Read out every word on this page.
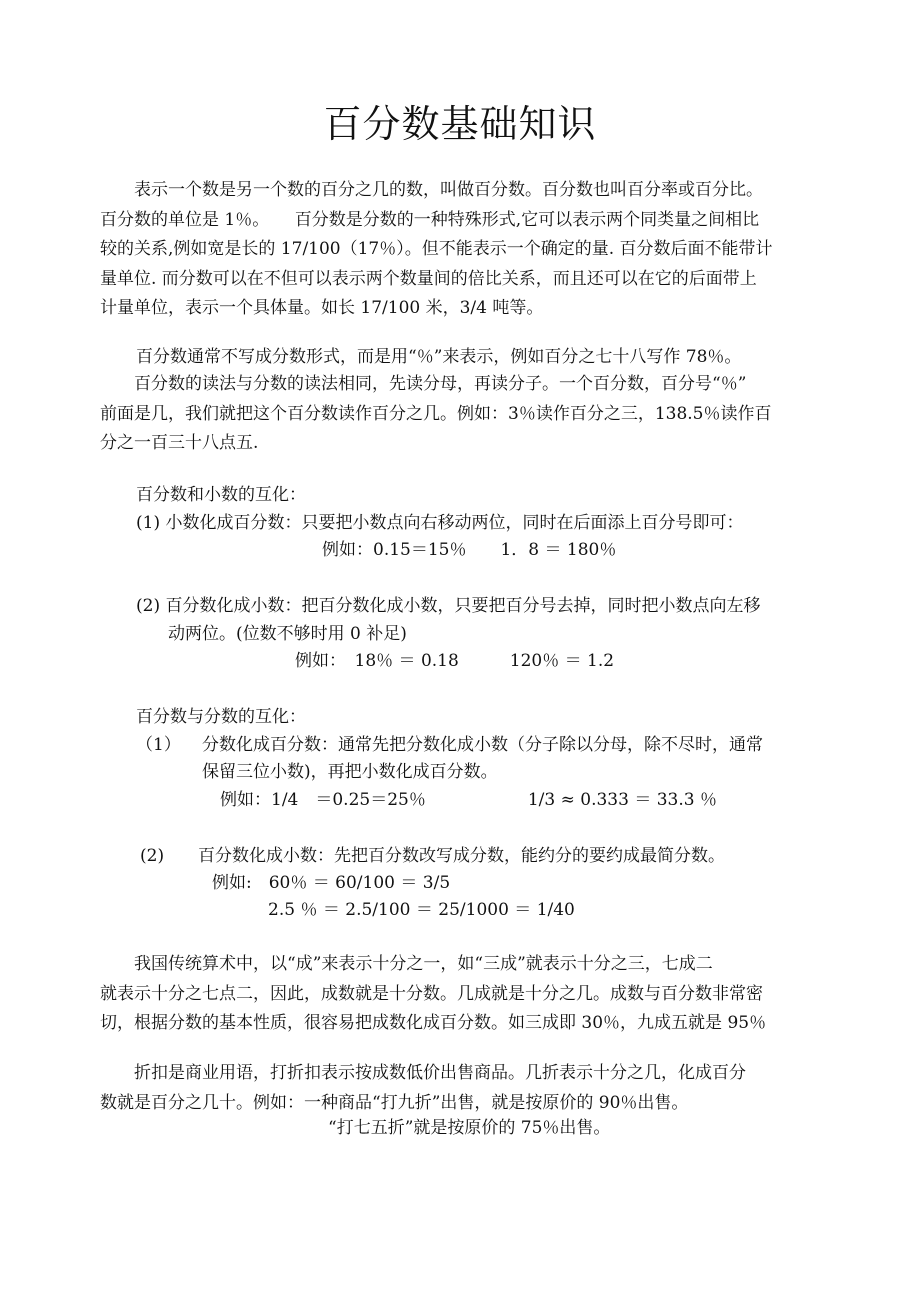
百分数基础知识
　　表示一个数是另一个数的百分之几的数，叫做百分数。百分数也叫百分率或百分比。
百分数的单位是 1％。　　百分数是分数的一种特殊形式,它可以表示两个同类量之间相比
较的关系,例如宽是长的 17/100（17％）。但不能表示一个确定的量. 百分数后面不能带计
量单位. 而分数可以在不但可以表示两个数量间的倍比关系，而且还可以在它的后面带上
计量单位，表示一个具体量。如长 17/100 米，3/4 吨等。

百分数通常不写成分数形式，而是用“％”来表示，例如百分之七十八写作 78％。

　　百分数的读法与分数的读法相同，先读分母，再读分子。一个百分数，百分号“％”
前面是几，我们就把这个百分数读作百分之几。例如：3％读作百分之三，138.5％读作百
分之一百三十八点五.

百分数和小数的互化：

(1) 小数化成百分数：只要把小数点向右移动两位，同时在后面添上百分号即可：

例如：0.15＝15％　　1．8 ＝ 180％

(2) 百分数化成小数：把百分数化成小数，只要把百分号去掉，同时把小数点向左移

动两位。(位数不够时用 0 补足)

例如：　18％ ＝ 0.18　　　120％ ＝ 1.2

百分数与分数的互化：

（1） 分数化成百分数：通常先把分数化成小数（分子除以分母，除不尽时，通常

保留三位小数)，再把小数化成百分数。

例如：1/4　＝0.25＝25％　　　　　　1/3 ≈ 0.333 ＝ 33.3 ％

(2) 百分数化成小数：先把百分数改写成分数，能约分的要约成最简分数。

例如:　60％ ＝ 60/100 ＝ 3/5

2.5 ％ ＝ 2.5/100 ＝ 25/1000 ＝ 1/40

　　我国传统算术中，以“成”来表示十分之一，如“三成”就表示十分之三，七成二
就表示十分之七点二，因此，成数就是十分数。几成就是十分之几。成数与百分数非常密
切，根据分数的基本性质，很容易把成数化成百分数。如三成即 30％，九成五就是 95％
　　折扣是商业用语，打折扣表示按成数低价出售商品。几折表示十分之几，化成百分
数就是百分之几十。例如：一种商品“打九折”出售，就是按原价的 90％出售。

“打七五折”就是按原价的 75％出售。
